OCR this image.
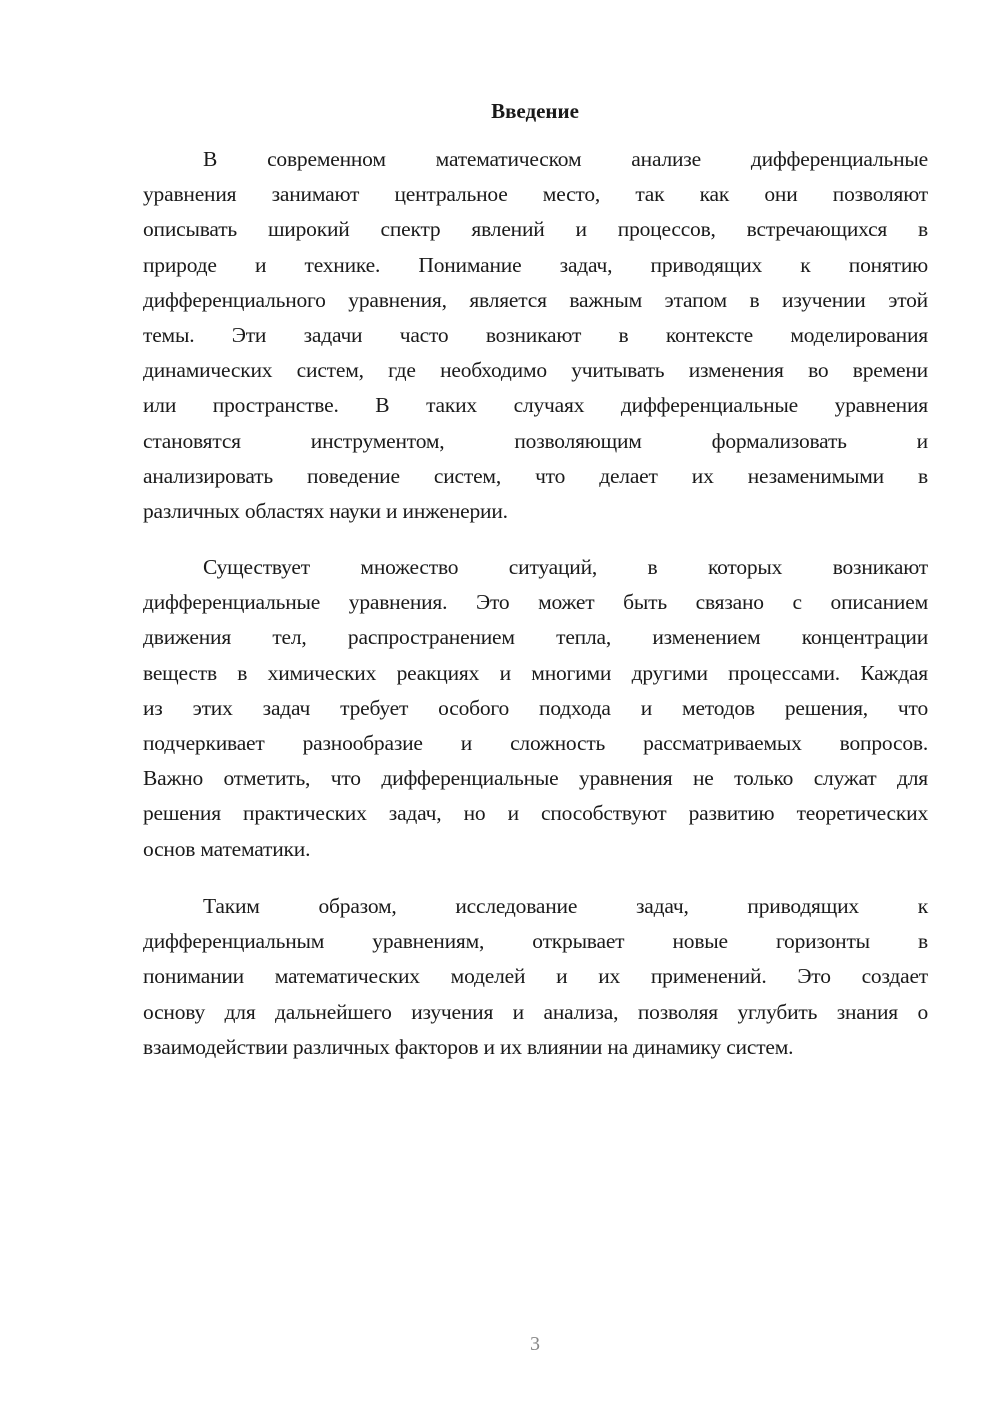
Введение
В современном математическом анализе дифференциальные
уравнения занимают центральное место, так как они позволяют
описывать широкий спектр явлений и процессов, встречающихся в
природе и технике. Понимание задач, приводящих к понятию
дифференциального уравнения, является важным этапом в изучении этой
темы. Эти задачи часто возникают в контексте моделирования
динамических систем, где необходимо учитывать изменения во времени
или пространстве. В таких случаях дифференциальные уравнения
становятся инструментом, позволяющим формализовать и
анализировать поведение систем, что делает их незаменимыми в
различных областях науки и инженерии.
Существует множество ситуаций, в которых возникают
дифференциальные уравнения. Это может быть связано с описанием
движения тел, распространением тепла, изменением концентрации
веществ в химических реакциях и многими другими процессами. Каждая
из этих задач требует особого подхода и методов решения, что
подчеркивает разнообразие и сложность рассматриваемых вопросов.
Важно отметить, что дифференциальные уравнения не только служат для
решения практических задач, но и способствуют развитию теоретических
основ математики.
Таким образом, исследование задач, приводящих к
дифференциальным уравнениям, открывает новые горизонты в
понимании математических моделей и их применений. Это создает
основу для дальнейшего изучения и анализа, позволяя углубить знания о
взаимодействии различных факторов и их влиянии на динамику систем.
3
